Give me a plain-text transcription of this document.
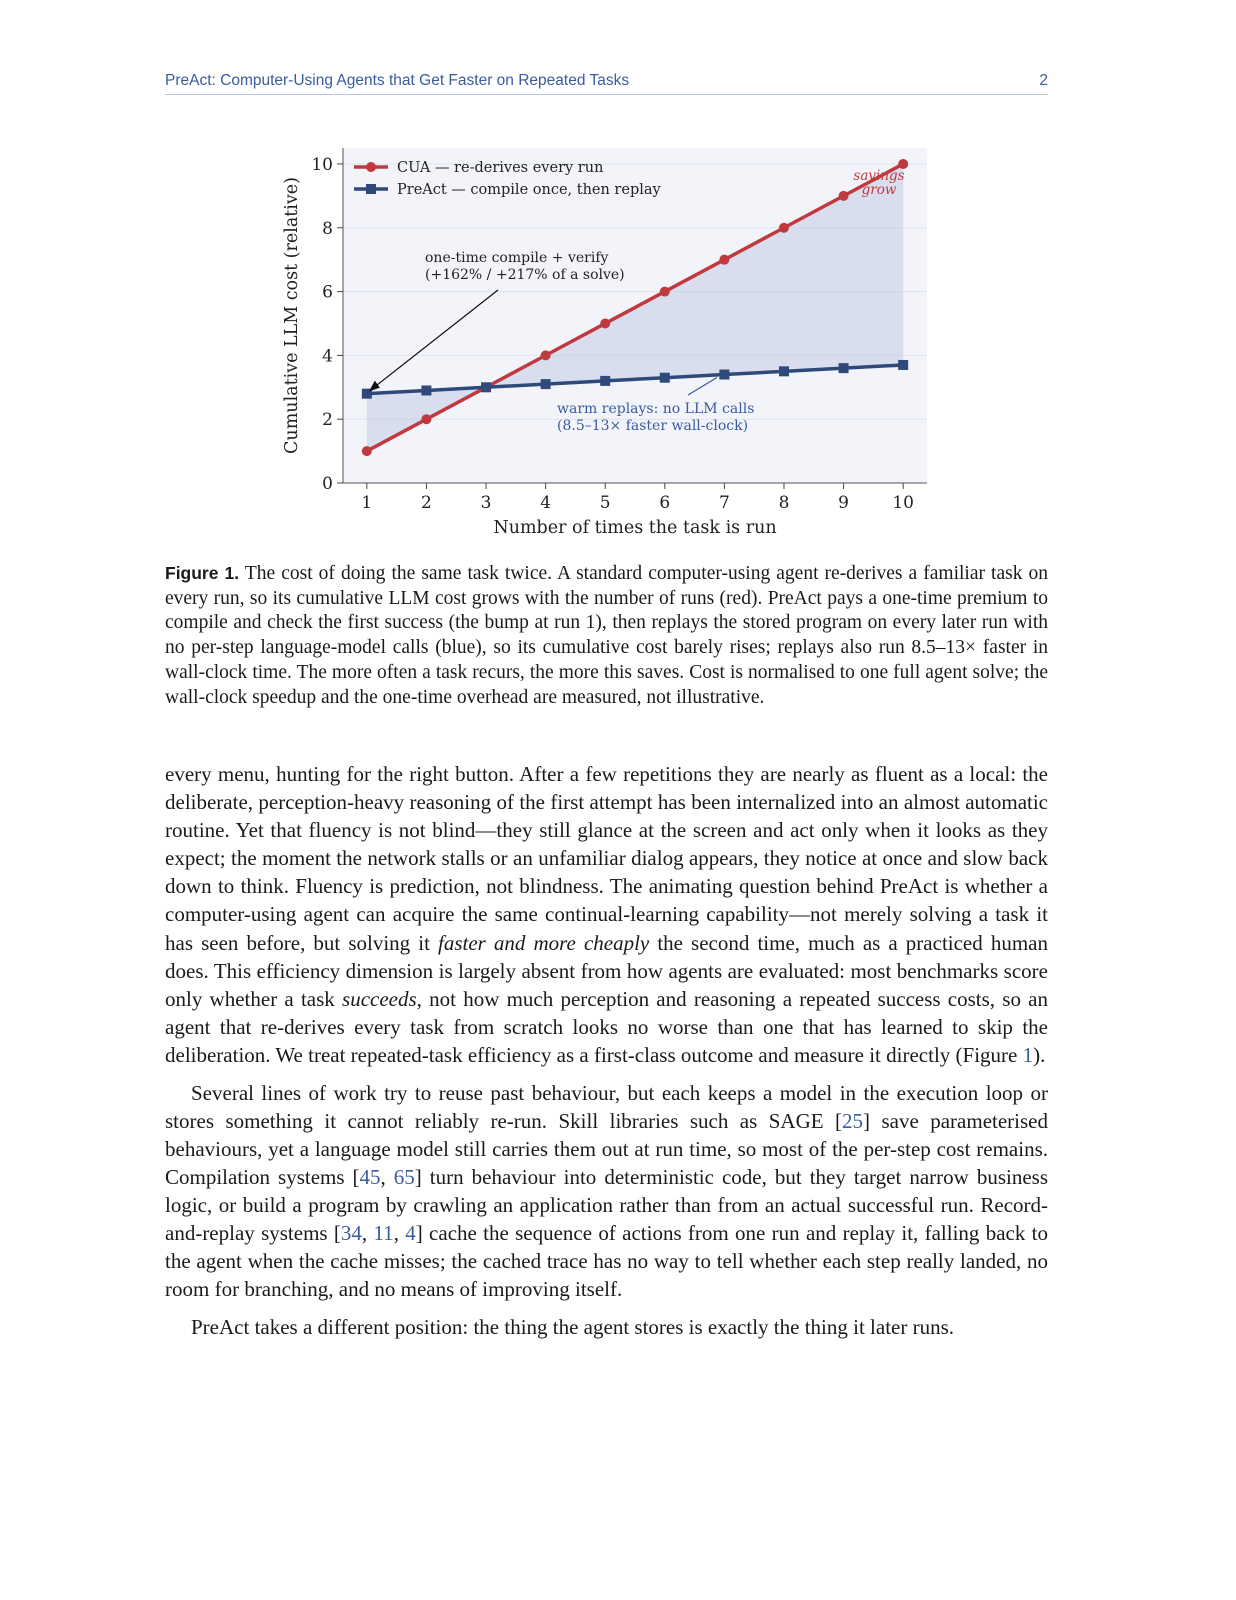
PreAct: Computer-Using Agents that Get Faster on Repeated Tasks	2
0
2
4
6
8
10
1	2	3	4	5	6	7	8	9	10
Number of times the task is run
Cumulative LLM cost (relative)
CUA — re-derives every run
PreAct — compile once, then replay
one-time compile + verify
(+162% / +217% of a solve)
warm replays: no LLM calls
(8.5–13× faster wall-clock)
savings
grow
Figure 1. The cost of doing the same task twice. A standard computer-using agent re-derives a familiar task on every run, so its cumulative LLM cost grows with the number of runs (red). PreAct pays a one-time premium to compile and check the first success (the bump at run 1), then replays the stored program on every later run with no per-step language-model calls (blue), so its cumulative cost barely rises; replays also run 8.5–13× faster in wall-clock time. The more often a task recurs, the more this saves. Cost is normalised to one full agent solve; the wall-clock speedup and the one-time overhead are measured, not illustrative.

every menu, hunting for the right button. After a few repetitions they are nearly as fluent as a local: the deliberate, perception-heavy reasoning of the first attempt has been internalized into an almost automatic routine. Yet that fluency is not blind—they still glance at the screen and act only when it looks as they expect; the moment the network stalls or an unfamiliar dialog appears, they notice at once and slow back down to think. Fluency is prediction, not blindness. The animating question behind PreAct is whether a computer-using agent can acquire the same continual-learning capability—not merely solving a task it has seen before, but solving it faster and more cheaply the second time, much as a practiced human does. This efficiency dimension is largely absent from how agents are evaluated: most benchmarks score only whether a task succeeds, not how much perception and reasoning a repeated success costs, so an agent that re-derives every task from scratch looks no worse than one that has learned to skip the deliberation. We treat repeated-task efficiency as a first-class outcome and measure it directly (Figure 1).

Several lines of work try to reuse past behaviour, but each keeps a model in the execution loop or stores something it cannot reliably re-run. Skill libraries such as SAGE [25] save parameterised behaviours, yet a language model still carries them out at run time, so most of the per-step cost remains. Compilation systems [45, 65] turn behaviour into deterministic code, but they target narrow business logic, or build a program by crawling an application rather than from an actual successful run. Record-and-replay systems [34, 11, 4] cache the sequence of actions from one run and replay it, falling back to the agent when the cache misses; the cached trace has no way to tell whether each step really landed, no room for branching, and no means of improving itself.

PreAct takes a different position: the thing the agent stores is exactly the thing it later runs.
